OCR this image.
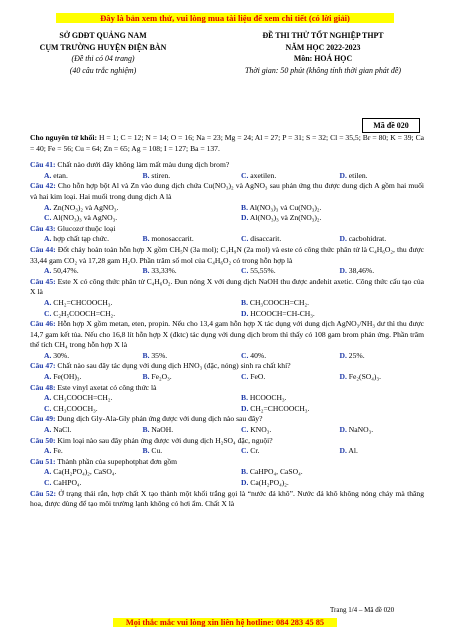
Đây là bản xem thử, vui lòng mua tài liệu để xem chi tiết (có lời giải)
SỞ GDĐT QUẢNG NAM
CỤM TRƯỜNG HUYỆN ĐIỆN BÀN
(Đề thi có 04 trang)
(40 câu trắc nghiệm)
ĐỀ THI THỬ TỐT NGHIỆP THPT
NĂM HỌC 2022-2023
Môn: HOÁ HỌC
Thời gian: 50 phút (không tính thời gian phát đề)
Mã đề 020

Cho nguyên tử khối: H = 1; C = 12; N = 14; O = 16; Na = 23; Mg = 24; Al = 27; P = 31; S = 32; Cl = 35,5; Br = 80; K = 39; Ca = 40; Fe = 56; Cu = 64; Zn = 65; Ag = 108; I = 127; Ba = 137.

Câu 41: Chất nào dưới đây không làm mất màu dung dịch brom?

A. etan.	B. stiren.	C. axetilen.	D. etilen.

Câu 42: Cho hỗn hợp bột Al và Zn vào dung dịch chứa Cu(NO₃)₂ và AgNO₃ sau phản ứng thu được dung dịch A gồm hai muối và hai kim loại. Hai muối trong dung dịch A là

A. Zn(NO₃)₂ và AgNO₃.	B. Al(NO₃)₃ và Cu(NO₃)₂.
C. Al(NO₃)₃ và AgNO₃.	D. Al(NO₃)₃ và Zn(NO₃)₂.

Câu 43: Glucozơ thuộc loại

A. hợp chất tạp chức.	B. monosaccarit.	C. disaccarit.	D. cacbohidrat.

Câu 44: Đốt cháy hoàn toàn hỗn hợp X gồm CH₅N (3a mol); C₃H₉N (2a mol) và este có công thức phân tử là C₄H₆O₂, thu được 33,44 gam CO₂ và 17,28 gam H₂O. Phần trăm số mol của C₄H₆O₂ có trong hỗn hợp là

A. 50,47%.	B. 33,33%.	C. 55,55%.	D. 38,46%.

Câu 45: Este X có công thức phân tử C₄H₆O₂. Đun nóng X với dung dịch NaOH thu được anđehit axetic. Công thức cấu tạo của X là

A. CH₂=CHCOOCH₃.	B. CH₃COOCH=CH₂.
C. C₂H₅COOCH=CH₂.	D. HCOOCH=CH-CH₃.

Câu 46: Hỗn hợp X gồm metan, eten, propin. Nếu cho 13,4 gam hỗn hợp X tác dụng với dung dịch AgNO₃/NH₃ dư thì thu được 14,7 gam kết tủa. Nếu cho 16,8 lít hỗn hợp X (đktc) tác dụng với dung dịch brom thì thấy có 108 gam brom phản ứng. Phần trăm thể tích CH₄ trong hỗn hợp X là

A. 30%.	B. 35%.	C. 40%.	D. 25%.

Câu 47: Chất nào sau đây tác dụng với dung dịch HNO₃ (đặc, nóng) sinh ra chất khí?

A. Fe(OH)₃.	B. Fe₂O₃.	C. FeO.	D. Fe₂(SO₄)₃.

Câu 48: Este vinyl axetat có công thức là

A. CH₃COOCH=CH₂.	B. HCOOCH₃.
C. CH₃COOCH₃.	D. CH₂=CHCOOCH₃.

Câu 49: Dung dịch Gly-Ala-Gly phản ứng được với dung dịch nào sau đây?

A. NaCl.	B. NaOH.	C. KNO₃.	D. NaNO₃.

Câu 50: Kim loại nào sau đây phản ứng được với dung dịch H₂SO₄ đặc, nguội?

A. Fe.	B. Cu.	C. Cr.	D. Al.

Câu 51: Thành phần của supephotphat đơn gồm

A. Ca(H₂PO₄)₂, CaSO₄.	B. CaHPO₄, CaSO₄.
C. CaHPO₄.	D. Ca(H₂PO₄)₂.

Câu 52: Ở trạng thái rắn, hợp chất X tạo thành một khối trắng gọi là “nước đá khô”. Nước đá khô không nóng chảy mà thăng hoa, được dùng để tạo môi trường lạnh không có hơi ẩm. Chất X là

Trang 1/4 – Mã đề 020
Mọi thắc mắc vui lòng xin liên hệ hotline: 084 283 45 85
